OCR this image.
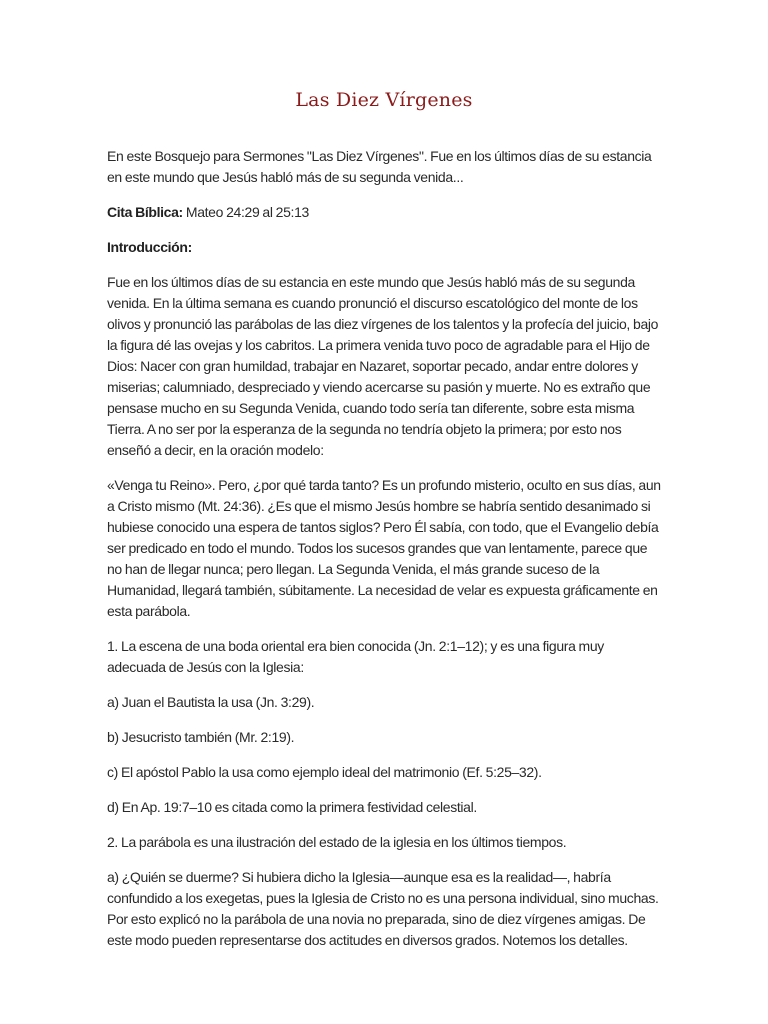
Las Diez Vírgenes

En este Bosquejo para Sermones "Las Diez Vírgenes". Fue en los últimos días de su estancia en este mundo que Jesús habló más de su segunda venida...

Cita Bíblica: Mateo 24:29 al 25:13

Introducción:

Fue en los últimos días de su estancia en este mundo que Jesús habló más de su segunda venida. En la última semana es cuando pronunció el discurso escatológico del monte de los olivos y pronunció las parábolas de las diez vírgenes de los talentos y la profecía del juicio, bajo la figura dé las ovejas y los cabritos. La primera venida tuvo poco de agradable para el Hijo de Dios: Nacer con gran humildad, trabajar en Nazaret, soportar pecado, andar entre dolores y miserias; calumniado, despreciado y viendo acercarse su pasión y muerte. No es extraño que pensase mucho en su Segunda Venida, cuando todo sería tan diferente, sobre esta misma Tierra. A no ser por la esperanza de la segunda no tendría objeto la primera; por esto nos enseñó a decir, en la oración modelo:

«Venga tu Reino». Pero, ¿por qué tarda tanto? Es un profundo misterio, oculto en sus días, aun a Cristo mismo (Mt. 24:36). ¿Es que el mismo Jesús hombre se habría sentido desanimado si hubiese conocido una espera de tantos siglos? Pero Él sabía, con todo, que el Evangelio debía ser predicado en todo el mundo. Todos los sucesos grandes que van lentamente, parece que no han de llegar nunca; pero llegan. La Segunda Venida, el más grande suceso de la Humanidad, llegará también, súbitamente. La necesidad de velar es expuesta gráficamente en esta parábola.

1. La escena de una boda oriental era bien conocida (Jn. 2:1–12); y es una figura muy adecuada de Jesús con la Iglesia:

a) Juan el Bautista la usa (Jn. 3:29).

b) Jesucristo también (Mr. 2:19).

c) El apóstol Pablo la usa como ejemplo ideal del matrimonio (Ef. 5:25–32).

d) En Ap. 19:7–10 es citada como la primera festividad celestial.

2. La parábola es una ilustración del estado de la iglesia en los últimos tiempos.

a) ¿Quién se duerme? Si hubiera dicho la Iglesia—aunque esa es la realidad—, habría confundido a los exegetas, pues la Iglesia de Cristo no es una persona individual, sino muchas. Por esto explicó no la parábola de una novia no preparada, sino de diez vírgenes amigas. De este modo pueden representarse dos actitudes en diversos grados. Notemos los detalles.
